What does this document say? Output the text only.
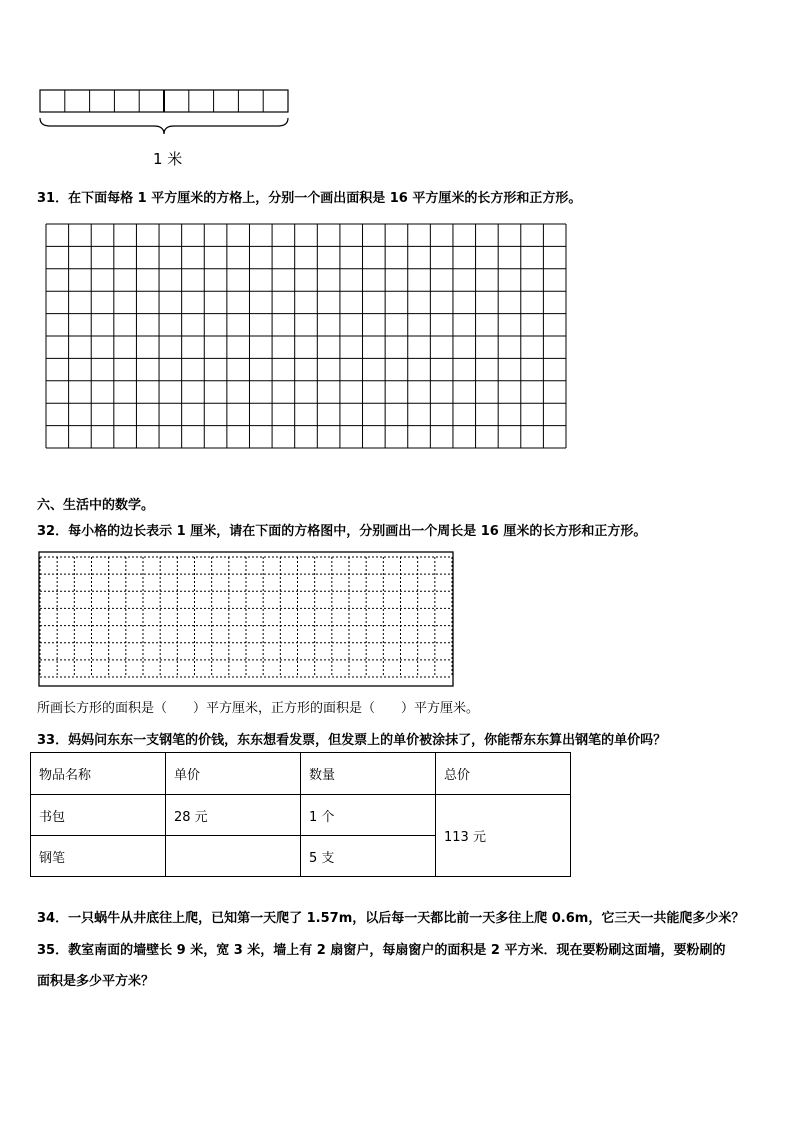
1 米
31．在下面每格 1 平方厘米的方格上，分别一个画出面积是 16 平方厘米的长方形和正方形。
六、生活中的数学。
32．每小格的边长表示 1 厘米，请在下面的方格图中，分别画出一个周长是 16 厘米的长方形和正方形。
所画长方形的面积是（　　）平方厘米，正方形的面积是（　　）平方厘米。
33．妈妈问东东一支钢笔的价钱，东东想看发票，但发票上的单价被涂抹了，你能帮东东算出钢笔的单价吗？
物品名称	单价	数量	总价
书包	28 元	1 个	113 元
钢笔		5 支	
34．一只蜗牛从井底往上爬，已知第一天爬了 1.57m，以后每一天都比前一天多往上爬 0.6m，它三天一共能爬多少米？
35．教室南面的墙壁长 9 米，宽 3 米，墙上有 2 扇窗户，每扇窗户的面积是 2 平方米．现在要粉刷这面墙，要粉刷的
面积是多少平方米？
